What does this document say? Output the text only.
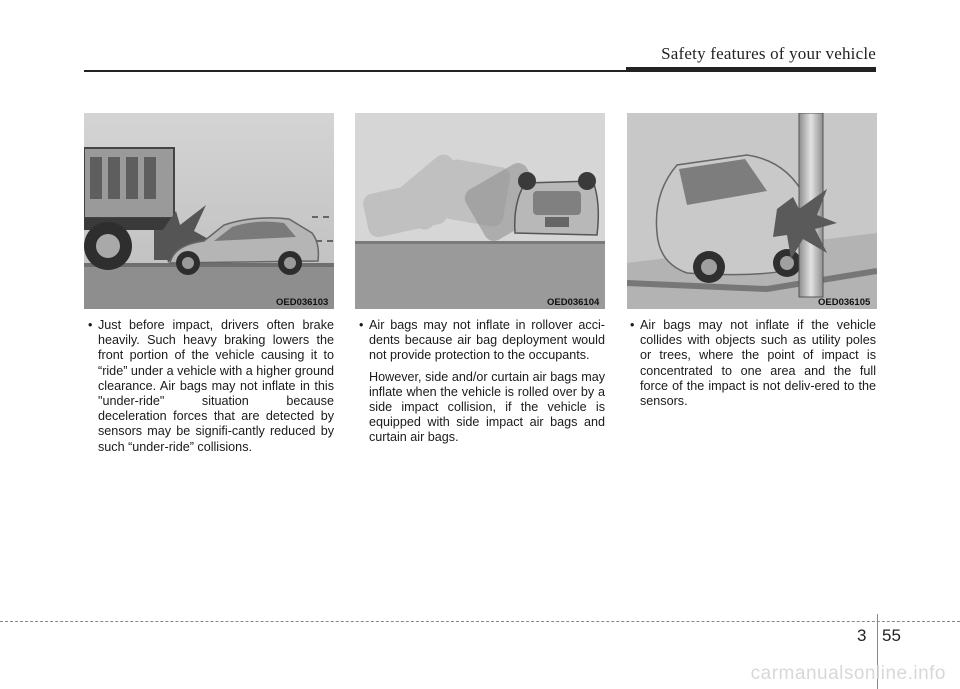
Safety features of your vehicle
OED036103	OED036104	OED036105

• Just before impact, drivers often brake heavily. Such heavy braking lowers the front portion of the vehicle causing it to “ride” under a vehicle with a higher ground clearance. Air bags may not inflate in this "under-ride" situation because deceleration forces that are detected by sensors may be signifi-cantly reduced by such “under-ride” collisions.

• Air bags may not inflate in rollover acci-dents because air bag deployment would not provide protection to the occupants.

However, side and/or curtain air bags may inflate when the vehicle is rolled over by a side impact collision, if the vehicle is equipped with side impact air bags and curtain air bags.

• Air bags may not inflate if the vehicle collides with objects such as utility poles or trees, where the point of impact is concentrated to one area and the full force of the impact is not deliv-ered to the sensors.

3 55
carmanualsonline.info
